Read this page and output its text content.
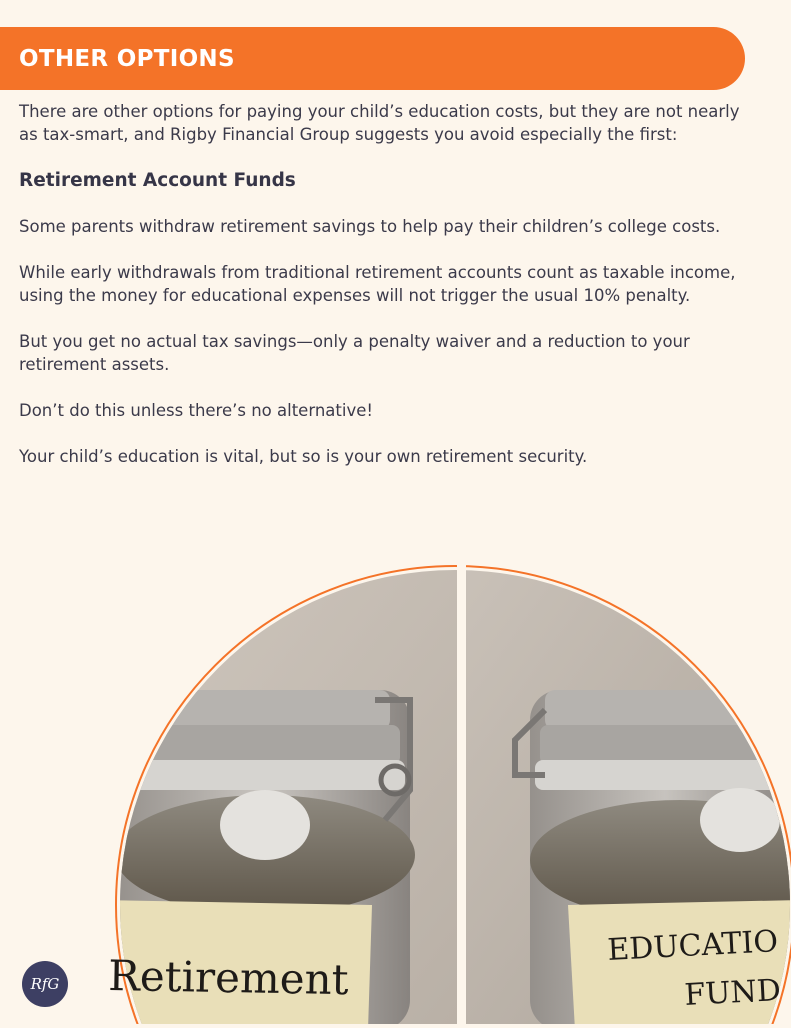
OTHER OPTIONS

There are other options for paying your child’s education costs, but they are not nearly as tax-smart, and Rigby Financial Group suggests you avoid especially the first:

Retirement Account Funds

Some parents withdraw retirement savings to help pay their children’s college costs.

While early withdrawals from traditional retirement accounts count as taxable income, using the money for educational expenses will not trigger the usual 10% penalty.

But you get no actual tax savings—only a penalty waiver and a reduction to your retirement assets.

Don’t do this unless there’s no alternative!

Your child’s education is vital, but so is your own retirement security.

Retirement
EDUCATIO
FUND
RfG
